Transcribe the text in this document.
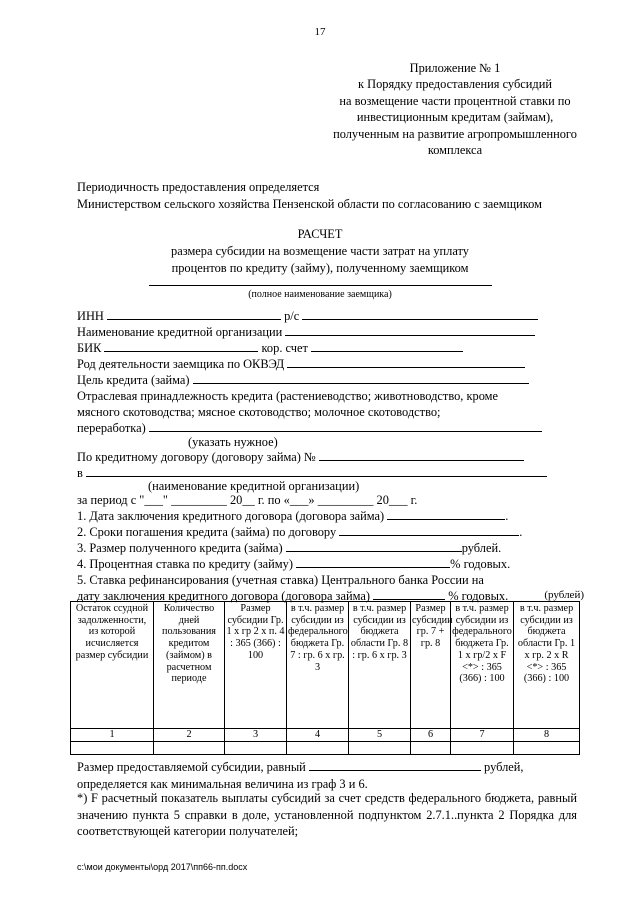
17
Приложение № 1
к Порядку предоставления субсидий
на возмещение части процентной ставки по
инвестиционным кредитам (займам),
полученным на развитие агропромышленного
комплекса
Периодичность предоставления определяется
Министерством сельского хозяйства Пензенской области по согласованию с заемщиком
РАСЧЕТ
размера субсидии на возмещение части затрат на уплату
процентов по кредиту (займу), полученному заемщиком
(полное наименование заемщика)
ИНН	р/с
Наименование кредитной организации
БИК	кор. счет
Род деятельности заемщика по ОКВЭД
Цель кредита (займа)
Отраслевая принадлежность кредита (растениеводство; животноводство, кроме
мясного скотоводства; мясное скотоводство; молочное скотоводство;
переработка)
(указать нужное)
По кредитному договору (договору займа) №
в
(наименование кредитной организации)
за период с "___" _________ 20__ г. по «___» _________ 20___ г.
1. Дата заключения кредитного договора (договора займа)	.
2. Сроки погашения кредита (займа) по договору	.
3. Размер полученного кредита (займа)	рублей.
4. Процентная ставка по кредиту (займу)	% годовых.
5. Ставка рефинансирования (учетная ставка) Центрального банка России на
дату заключения кредитного договора (договора займа)	% годовых.	(рублей)
Остаток ссудной задолженности, из которой исчисляется размер субсидии	Количество дней пользования кредитом (займом) в расчетном периоде	Размер субсидии Гр. 1 х гр 2 х п. 4 : 365 (366) : 100	в т.ч. размер субсидии из федерального бюджета Гр. 7 : гр. 6 х гр. 3	в т.ч. размер субсидии из бюджета области Гр. 8 : гр. 6 х гр. 3	Размер субсидии гр. 7 + гр. 8	в т.ч. размер субсидии из федерального бюджета Гр. 1 х гр/2 х F <*> : 365 (366) : 100	в т.ч. размер субсидии из бюджета области Гр. 1 х гр. 2 х R <*> : 365 (366) : 100
1	2	3	4	5	6	7	8

Размер предоставляемой субсидии, равный	рублей,
определяется как минимальная величина из граф 3 и 6.
*) F расчетный показатель выплаты субсидий за счет средств федерального бюджета, равный значению пункта 5 справки в доле, установленной подпунктом 2.7.1..пункта 2 Порядка для соответствующей категории получателей;
c:\мои документы\орд 2017\пп66-пп.docx
